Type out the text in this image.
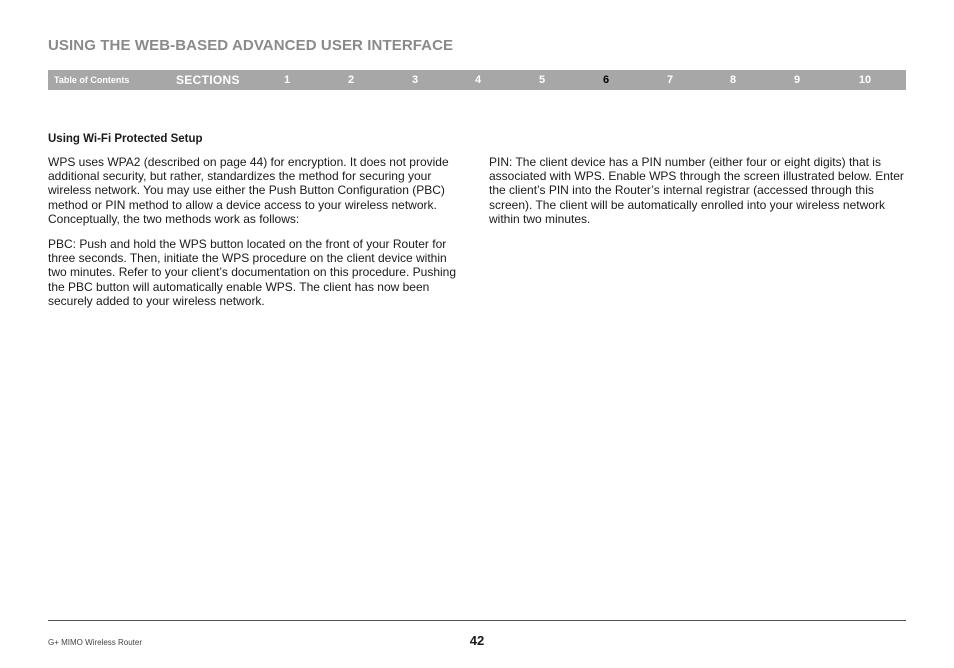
USING THE WEB-BASED ADVANCED USER INTERFACE
Table of Contents	SECTIONS	1	2	3	4	5	6	7	8	9	10
Using Wi-Fi Protected Setup

WPS uses WPA2 (described on page 44) for encryption. It does not provide additional security, but rather, standardizes the method for securing your wireless network. You may use either the Push Button Configuration (PBC) method or PIN method to allow a device access to your wireless network. Conceptually, the two methods work as follows:

PBC: Push and hold the WPS button located on the front of your Router for three seconds. Then, initiate the WPS procedure on the client device within two minutes. Refer to your client’s documentation on this procedure. Pushing the PBC button will automatically enable WPS. The client has now been securely added to your wireless network.

PIN: The client device has a PIN number (either four or eight digits) that is associated with WPS. Enable WPS through the screen illustrated below. Enter the client’s PIN into the Router’s internal registrar (accessed through this screen). The client will be automatically enrolled into your wireless network within two minutes.

G+ MIMO Wireless Router	42
